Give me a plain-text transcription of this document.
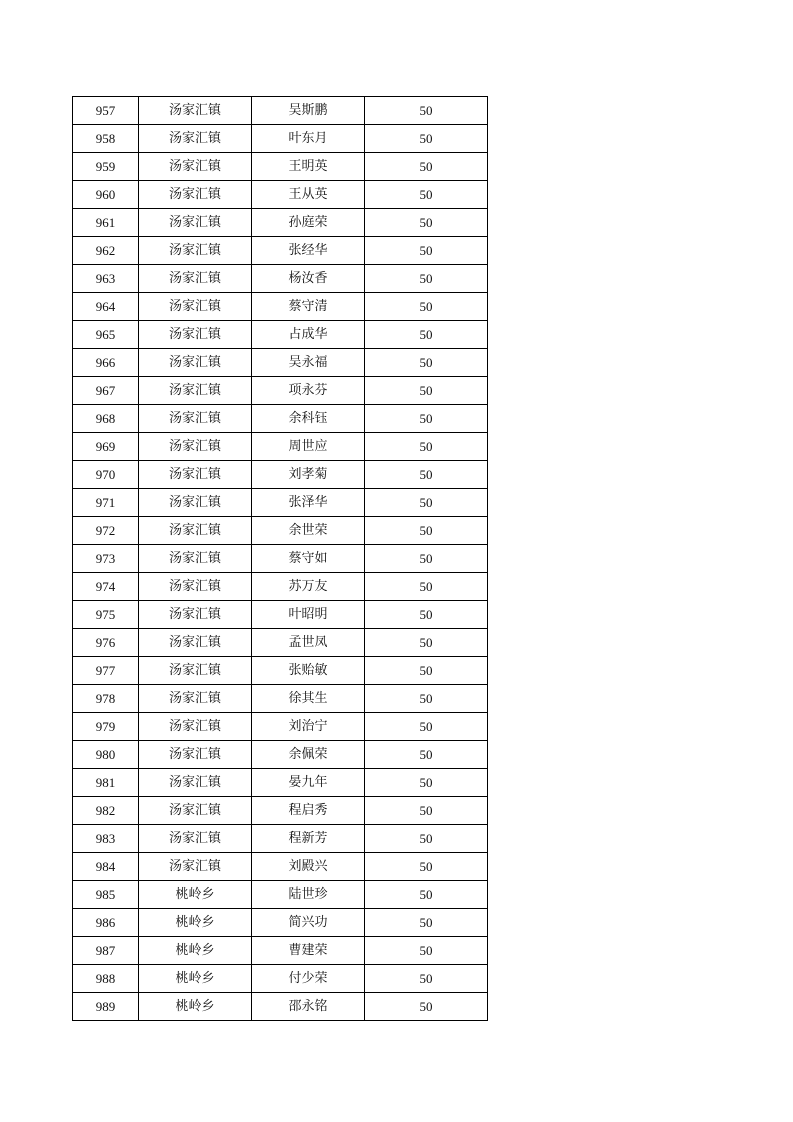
957	汤家汇镇	吴斯鹏	50
958	汤家汇镇	叶东月	50
959	汤家汇镇	王明英	50
960	汤家汇镇	王从英	50
961	汤家汇镇	孙庭荣	50
962	汤家汇镇	张经华	50
963	汤家汇镇	杨汝香	50
964	汤家汇镇	蔡守清	50
965	汤家汇镇	占成华	50
966	汤家汇镇	吴永福	50
967	汤家汇镇	项永芬	50
968	汤家汇镇	余科钰	50
969	汤家汇镇	周世应	50
970	汤家汇镇	刘孝菊	50
971	汤家汇镇	张泽华	50
972	汤家汇镇	余世荣	50
973	汤家汇镇	蔡守如	50
974	汤家汇镇	苏万友	50
975	汤家汇镇	叶昭明	50
976	汤家汇镇	孟世凤	50
977	汤家汇镇	张贻敏	50
978	汤家汇镇	徐其生	50
979	汤家汇镇	刘治宁	50
980	汤家汇镇	余佩荣	50
981	汤家汇镇	晏九年	50
982	汤家汇镇	程启秀	50
983	汤家汇镇	程新芳	50
984	汤家汇镇	刘殿兴	50
985	桃岭乡	陆世珍	50
986	桃岭乡	简兴功	50
987	桃岭乡	曹建荣	50
988	桃岭乡	付少荣	50
989	桃岭乡	邵永铭	50
